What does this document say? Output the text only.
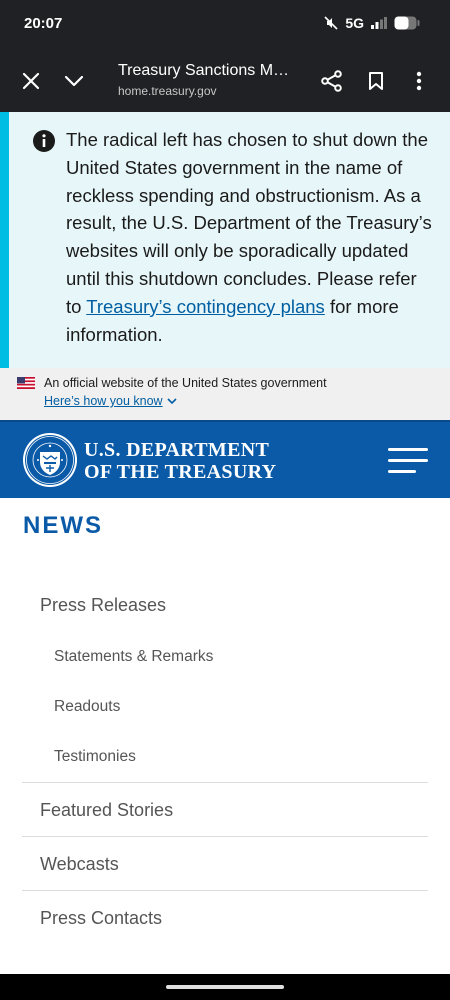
20:07	5G
Treasury Sanctions M…
home.treasury.gov

The radical left has chosen to shut down the United States government in the name of reckless spending and obstructionism. As a result, the U.S. Department of the Treasury’s websites will only be sporadically updated until this shutdown concludes. Please refer to Treasury’s contingency plans for more information.

An official website of the United States government
Here’s how you know
U.S. DEPARTMENT
OF THE TREASURY
NEWS
Press Releases
Statements & Remarks
Readouts
Testimonies
Featured Stories
Webcasts
Press Contacts
